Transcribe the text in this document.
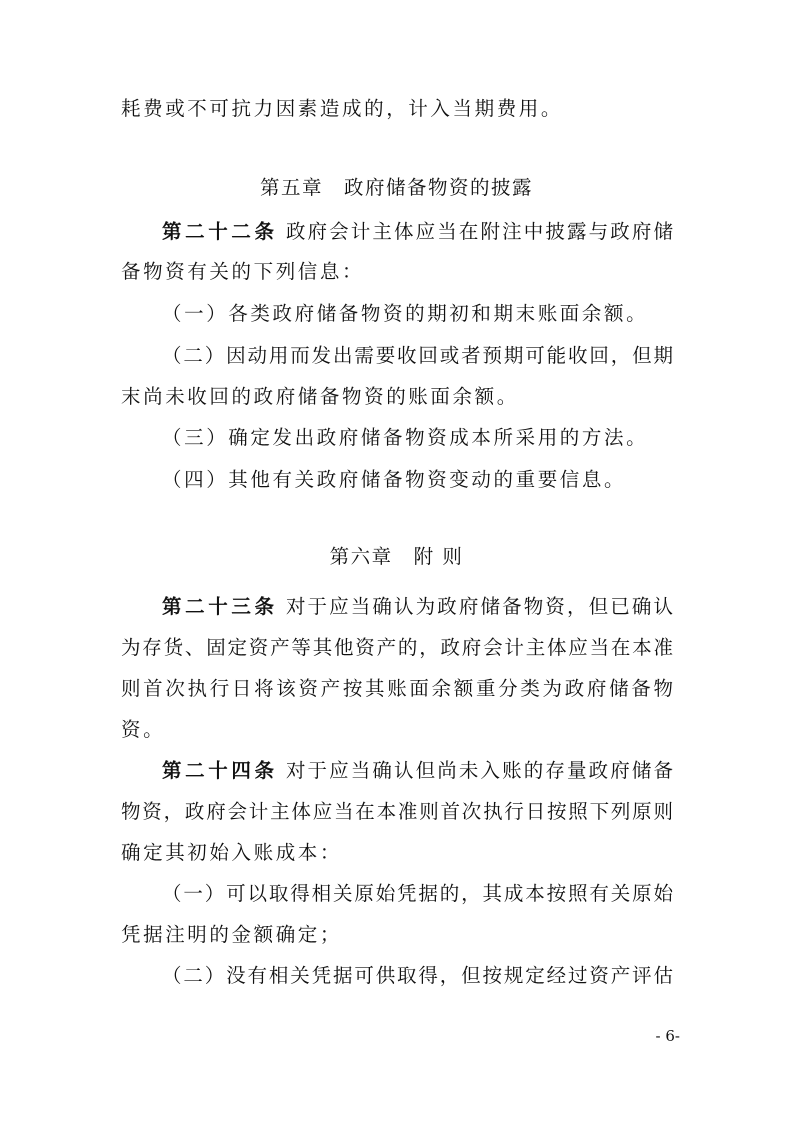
耗费或不可抗力因素造成的，计入当期费用。
第五章　政府储备物资的披露
第二十二条 政府会计主体应当在附注中披露与政府储
备物资有关的下列信息：
（一）各类政府储备物资的期初和期末账面余额。
（二）因动用而发出需要收回或者预期可能收回，但期
末尚未收回的政府储备物资的账面余额。
（三）确定发出政府储备物资成本所采用的方法。
（四）其他有关政府储备物资变动的重要信息。
第六章　附 则
第二十三条 对于应当确认为政府储备物资，但已确认
为存货、固定资产等其他资产的，政府会计主体应当在本准
则首次执行日将该资产按其账面余额重分类为政府储备物
资。
第二十四条 对于应当确认但尚未入账的存量政府储备
物资，政府会计主体应当在本准则首次执行日按照下列原则
确定其初始入账成本：
（一）可以取得相关原始凭据的，其成本按照有关原始
凭据注明的金额确定；
（二）没有相关凭据可供取得，但按规定经过资产评估
- 6-
